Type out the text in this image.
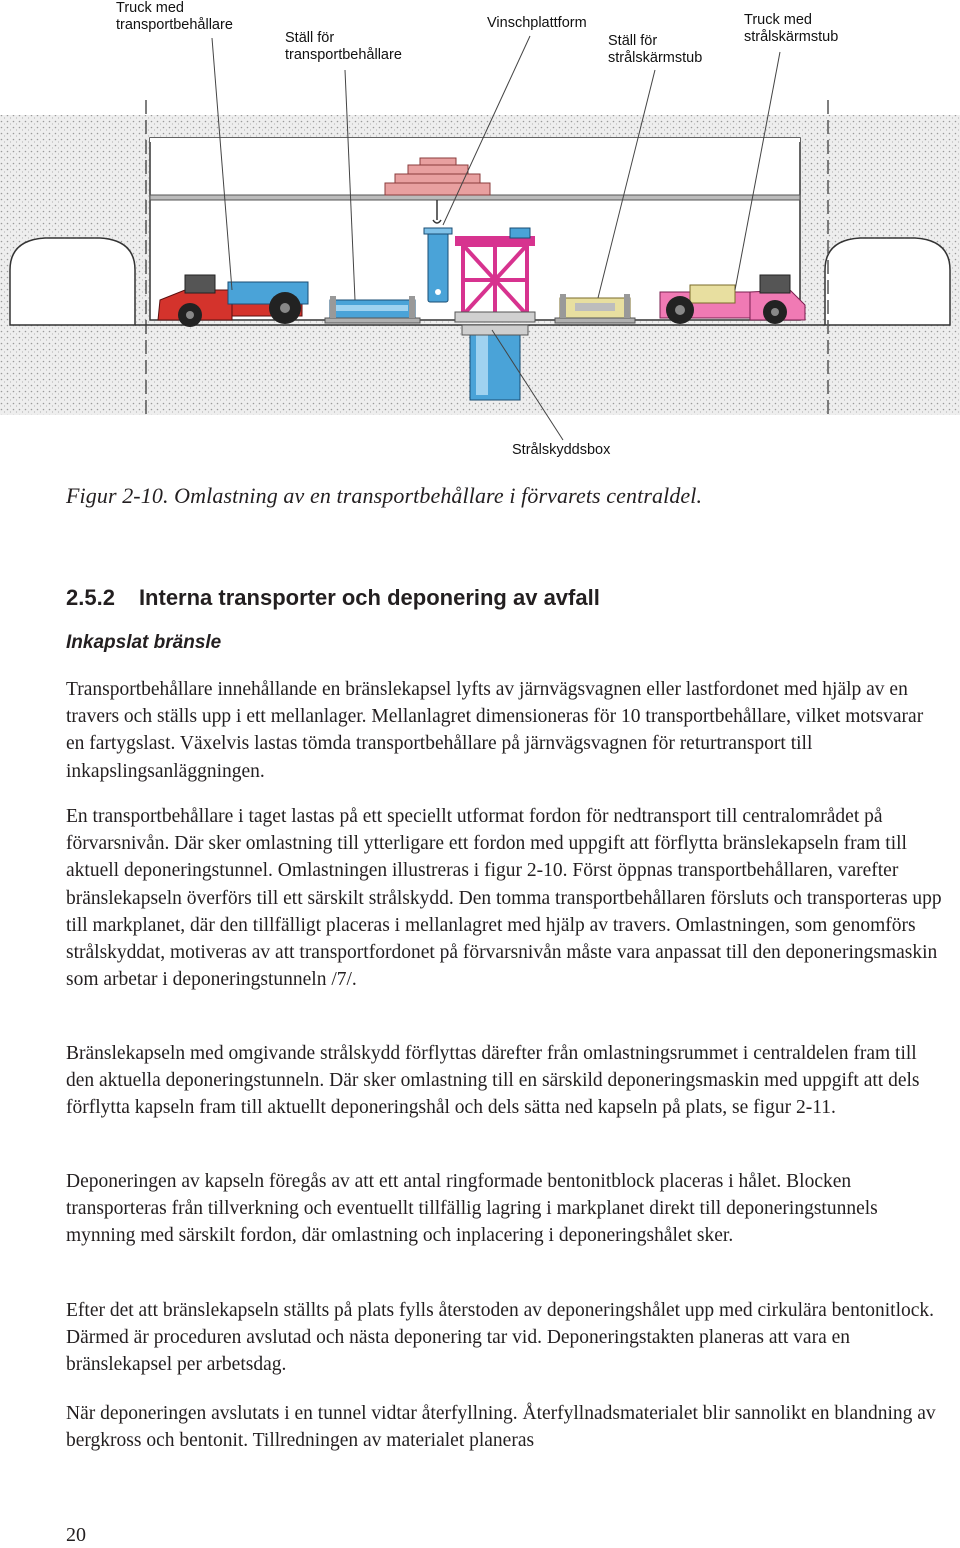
Truck med
transportbehållare
Ställ för
transportbehållare
Vinschplattform
Ställ för
strålskärmstub
Truck med
strålskärmstub
Strålskyddsbox
Figur 2-10. Omlastning av en transportbehållare i förvarets centraldel.
2.5.2 Interna transporter och deponering av avfall
Inkapslat bränsle

Transportbehållare innehållande en bränslekapsel lyfts av järnvägsvagnen eller lastfordonet med hjälp av en travers och ställs upp i ett mellanlager. Mellanlagret dimensioneras för 10 transportbehållare, vilket motsvarar en fartygslast. Växelvis lastas tömda transportbehållare på järnvägsvagnen för returtransport till inkapslingsanläggningen.

En transportbehållare i taget lastas på ett speciellt utformat fordon för nedtransport till centralområdet på förvarsnivån. Där sker omlastning till ytterligare ett fordon med uppgift att förflytta bränslekapseln fram till aktuell deponeringstunnel. Omlastningen illustreras i figur 2-10. Först öppnas transportbehållaren, varefter bränslekapseln överförs till ett särskilt strålskydd. Den tomma transportbehållaren försluts och transporteras upp till markplanet, där den tillfälligt placeras i mellanlagret med hjälp av travers. Omlastningen, som genomförs strålskyddat, motiveras av att transportfordonet på förvarsnivån måste vara anpassat till den deponeringsmaskin som arbetar i deponeringstunneln /7/.

Bränslekapseln med omgivande strålskydd förflyttas därefter från omlastningsrummet i centraldelen fram till den aktuella deponeringstunneln. Där sker omlastning till en särskild deponeringsmaskin med uppgift att dels förflytta kapseln fram till aktuellt deponeringshål och dels sätta ned kapseln på plats, se figur 2-11.

Deponeringen av kapseln föregås av att ett antal ringformade bentonitblock placeras i hålet. Blocken transporteras från tillverkning och eventuellt tillfällig lagring i markplanet direkt till deponeringstunnels mynning med särskilt fordon, där omlastning och inplacering i deponeringshålet sker.

Efter det att bränslekapseln ställts på plats fylls återstoden av deponeringshålet upp med cirkulära bentonitlock. Därmed är proceduren avslutad och nästa deponering tar vid. Deponeringstakten planeras att vara en bränslekapsel per arbetsdag.

När deponeringen avslutats i en tunnel vidtar återfyllning. Återfyllnadsmaterialet blir sannolikt en blandning av bergkross och bentonit. Tillredningen av materialet planeras

20
